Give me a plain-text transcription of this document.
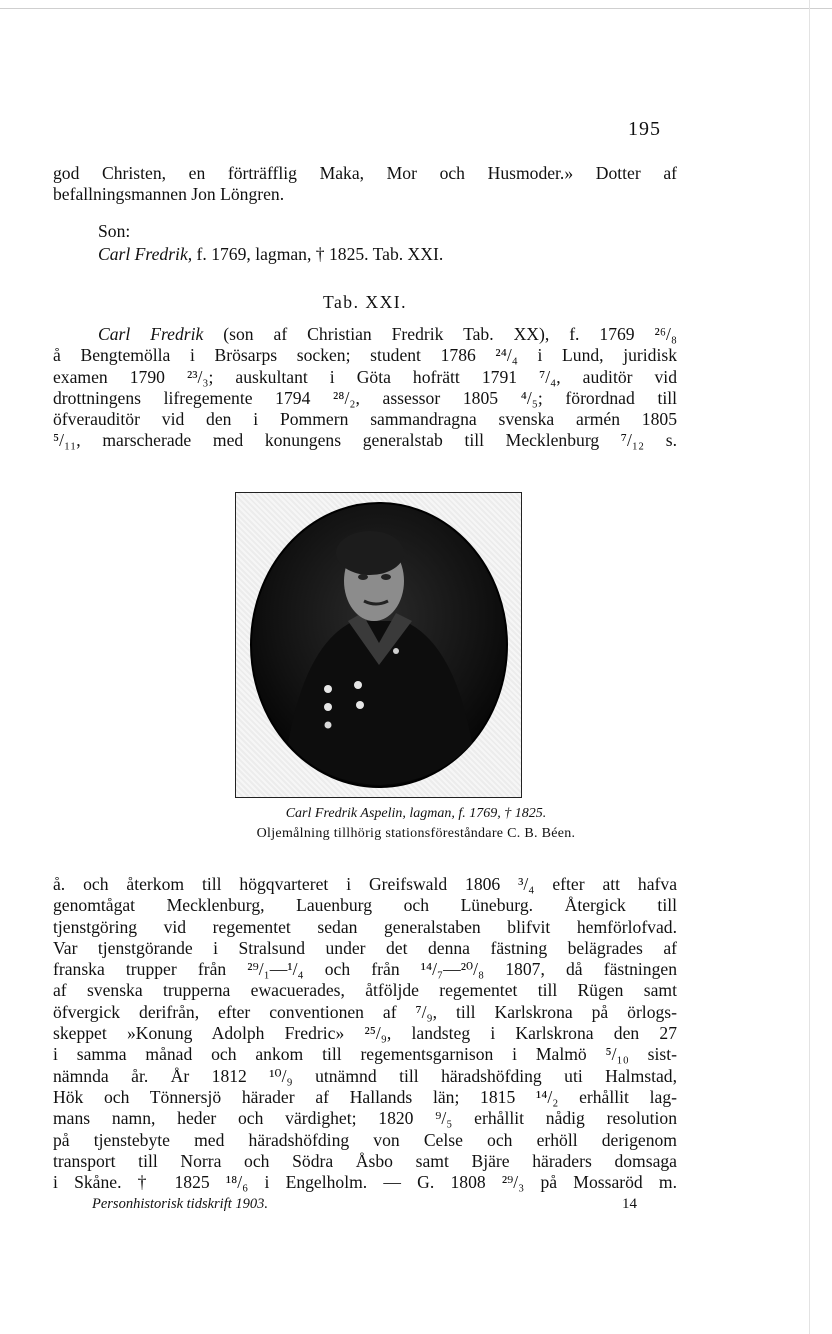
195
god Christen, en förträfflig Maka, Mor och Husmoder.» Dotter af
befallningsmannen Jon Löngren.
Son:
Carl Fredrik, f. 1769, lagman, † 1825. Tab. XXI.
Tab. XXI.
Carl Fredrik (son af Christian Fredrik Tab. XX), f. 1769 ²⁶/₈
å Bengtemölla i Brösarps socken; student 1786 ²⁴/₄ i Lund, juridisk
examen 1790 ²³/₃; auskultant i Göta hofrätt 1791 ⁷/₄, auditör vid
drottningens lifregemente 1794 ²⁸/₂, assessor 1805 ⁴/₅; förordnad till
öfverauditör vid den i Pommern sammandragna svenska armén 1805
⁵/₁₁, marscherade med konungens generalstab till Mecklenburg ⁷/₁₂ s.
Carl Fredrik Aspelin, lagman, f. 1769, † 1825.
Oljemålning tillhörig stationsföreståndare C. B. Béen.
å. och återkom till högqvarteret i Greifswald 1806 ³/₄ efter att hafva
genomtågat Mecklenburg, Lauenburg och Lüneburg. Återgick till
tjenstgöring vid regementet sedan generalstaben blifvit hemförlofvad.
Var tjenstgörande i Stralsund under det denna fästning belägrades af
franska trupper från ²⁹/₁—¹/₄ och från ¹⁴/₇—²⁰/₈ 1807, då fästningen
af svenska trupperna ewacuerades, åtföljde regementet till Rügen samt
öfvergick derifrån, efter conventionen af ⁷/₉, till Karlskrona på örlogs-
skeppet »Konung Adolph Fredric» ²⁵/₉, landsteg i Karlskrona den 27
i samma månad och ankom till regementsgarnison i Malmö ⁵/₁₀ sist-
nämnda år. År 1812 ¹⁰/₉ utnämnd till häradshöfding uti Halmstad,
Hök och Tönnersjö härader af Hallands län; 1815 ¹⁴/₂ erhållit lag-
mans namn, heder och värdighet; 1820 ⁹/₅ erhållit nådig resolution
på tjenstebyte med häradshöfding von Celse och erhöll derigenom
transport till Norra och Södra Åsbo samt Bjäre häraders domsaga
i Skåne. † 1825 ¹⁸/₆ i Engelholm. — G. 1808 ²⁹/₃ på Mossaröd m.
Personhistorisk tidskrift 1903.	14
